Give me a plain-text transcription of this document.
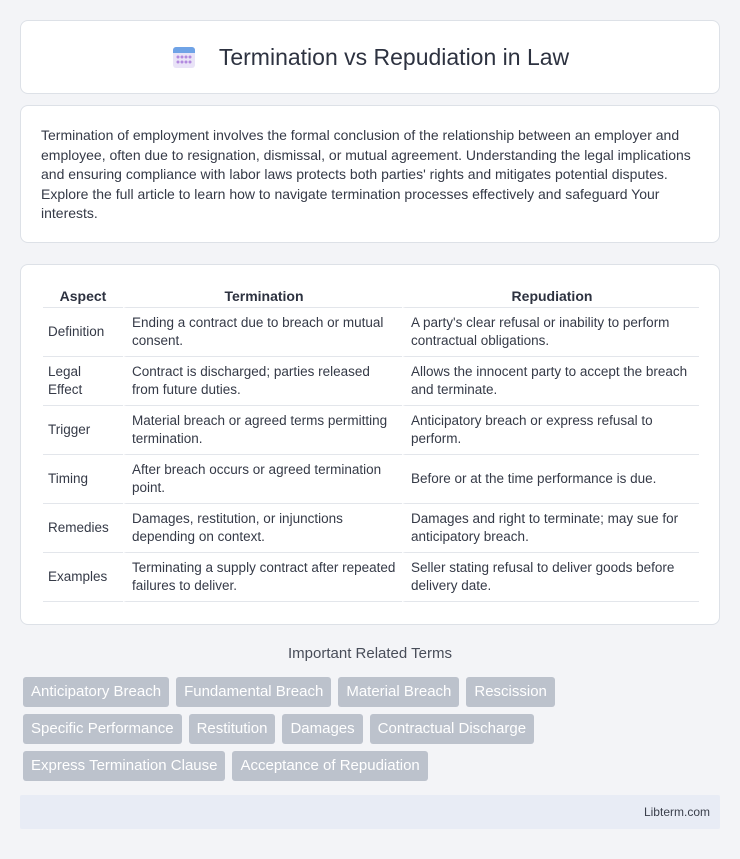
Termination vs Repudiation in Law

Termination of employment involves the formal conclusion of the relationship between an employer and employee, often due to resignation, dismissal, or mutual agreement. Understanding the legal implications and ensuring compliance with labor laws protects both parties' rights and mitigates potential disputes. Explore the full article to learn how to navigate termination processes effectively and safeguard Your interests.

Aspect	Termination	Repudiation
Definition	Ending a contract due to breach or mutual consent.	A party's clear refusal or inability to perform contractual obligations.
Legal Effect	Contract is discharged; parties released from future duties.	Allows the innocent party to accept the breach and terminate.
Trigger	Material breach or agreed terms permitting termination.	Anticipatory breach or express refusal to perform.
Timing	After breach occurs or agreed termination point.	Before or at the time performance is due.
Remedies	Damages, restitution, or injunctions depending on context.	Damages and right to terminate; may sue for anticipatory breach.
Examples	Terminating a supply contract after repeated failures to deliver.	Seller stating refusal to deliver goods before delivery date.
Important Related Terms
Anticipatory Breach	Fundamental Breach	Material Breach	Rescission
Specific Performance	Restitution	Damages	Contractual Discharge
Express Termination Clause	Acceptance of Repudiation
Libterm.com
